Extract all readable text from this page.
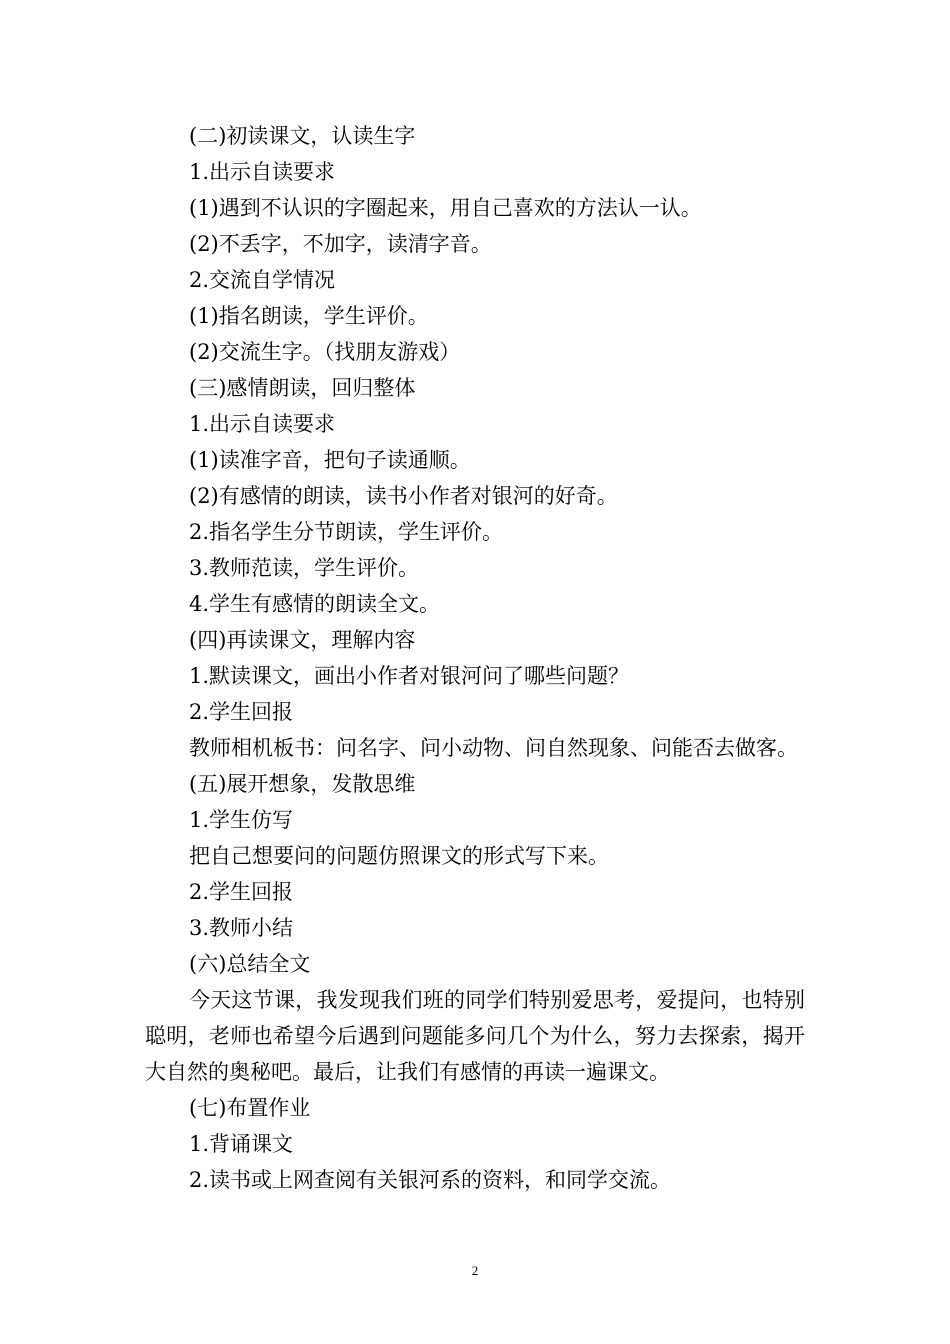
(二)初读课文，认读生字
1.出示自读要求
(1)遇到不认识的字圈起来，用自己喜欢的方法认一认。
(2)不丢字，不加字，读清字音。
2.交流自学情况
(1)指名朗读，学生评价。
(2)交流生字。（找朋友游戏）
(三)感情朗读，回归整体
1.出示自读要求
(1)读准字音，把句子读通顺。
(2)有感情的朗读，读书小作者对银河的好奇。
2.指名学生分节朗读，学生评价。
3.教师范读，学生评价。
4.学生有感情的朗读全文。
(四)再读课文，理解内容
1.默读课文，画出小作者对银河问了哪些问题？
2.学生回报
教师相机板书：问名字、问小动物、问自然现象、问能否去做客。
(五)展开想象，发散思维
1.学生仿写
把自己想要问的问题仿照课文的形式写下来。
2.学生回报
3.教师小结
(六)总结全文
今天这节课，我发现我们班的同学们特别爱思考，爱提问，也特别聪明，老师也希望今后遇到问题能多问几个为什么，努力去探索，揭开大自然的奥秘吧。最后，让我们有感情的再读一遍课文。
(七)布置作业
1.背诵课文
2.读书或上网查阅有关银河系的资料，和同学交流。
2
